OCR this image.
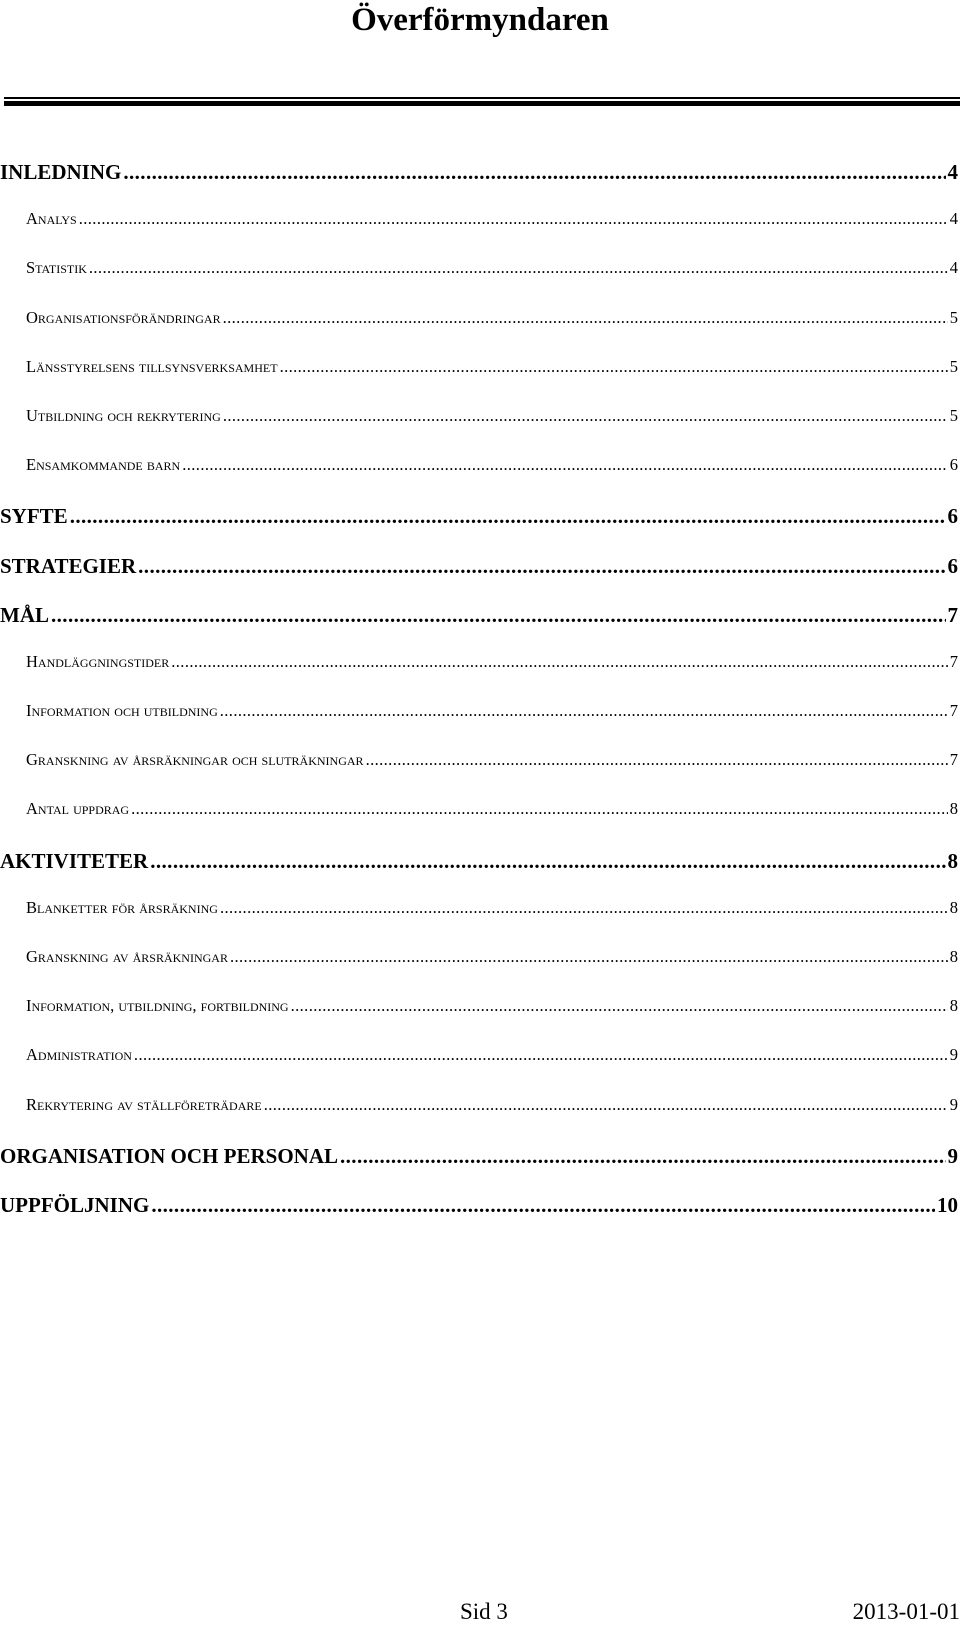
Överförmyndaren
INLEDNING .....	4
Analys .....	4
Statistik .....	4
Organisationsförändringar .....	5
Länsstyrelsens tillsynsverksamhet .....	5
Utbildning och rekrytering .....	5
Ensamkommande barn .....	6
SYFTE .....	6
STRATEGIER .....	6
MÅL .....	7
Handläggningstider .....	7
Information och utbildning .....	7
Granskning av årsräkningar och sluträkningar .....	7
Antal uppdrag .....	8
AKTIVITETER .....	8
Blanketter för årsräkning .....	8
Granskning av årsräkningar .....	8
Information, utbildning, fortbildning .....	8
Administration .....	9
Rekrytering av ställföreträdare .....	9
ORGANISATION OCH PERSONAL .....	9
UPPFÖLJNING .....	10
Sid 3	2013-01-01
